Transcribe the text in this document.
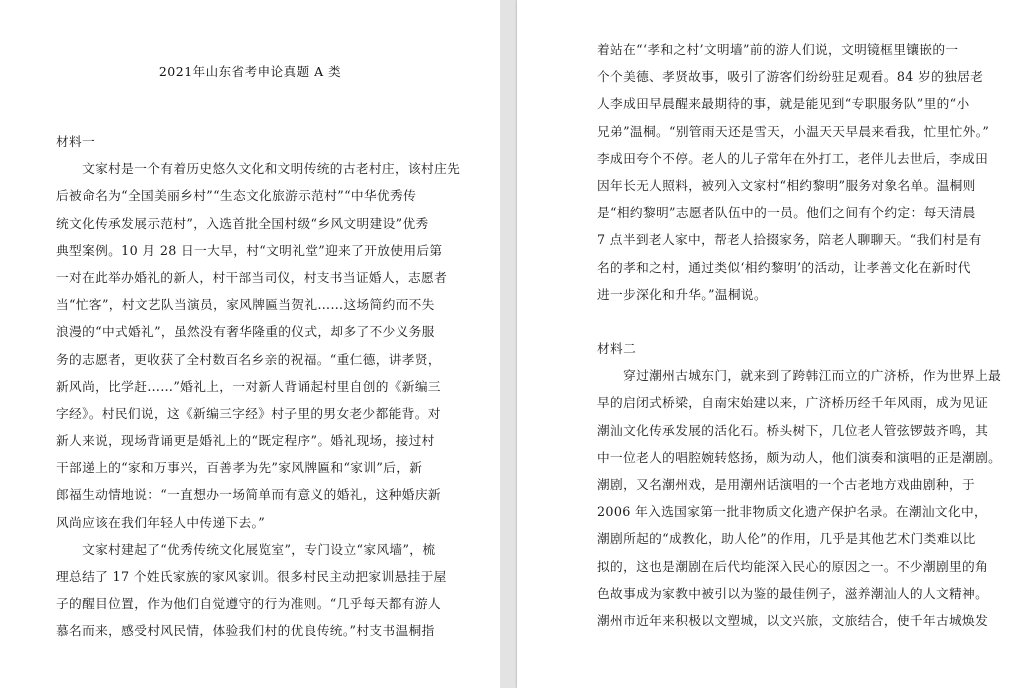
2021年山东省考申论真题 A 类
材料一
　　文家村是一个有着历史悠久文化和文明传统的古老村庄，该村庄先
后被命名为“全国美丽乡村”“生态文化旅游示范村”“中华优秀传
统文化传承发展示范村”，入选首批全国村级“乡风文明建设”优秀
典型案例。10 月 28 日一大早，村“文明礼堂”迎来了开放使用后第
一对在此举办婚礼的新人，村干部当司仪，村支书当证婚人，志愿者
当“忙客”，村文艺队当演员，家风牌匾当贺礼……这场简约而不失
浪漫的“中式婚礼”，虽然没有奢华隆重的仪式，却多了不少义务服
务的志愿者，更收获了全村数百名乡亲的祝福。“重仁德，讲孝贤，
新风尚，比学赶……”婚礼上，一对新人背诵起村里自创的《新编三
字经》。村民们说，这《新编三字经》村子里的男女老少都能背。对
新人来说，现场背诵更是婚礼上的“既定程序”。婚礼现场，接过村
干部递上的“家和万事兴，百善孝为先”家风牌匾和“家训”后，新
郎福生动情地说：“一直想办一场简单而有意义的婚礼，这种婚庆新
风尚应该在我们年轻人中传递下去。”
　　文家村建起了“优秀传统文化展览室”，专门设立“家风墙”，梳
理总结了 17 个姓氏家族的家风家训。很多村民主动把家训悬挂于屋
子的醒目位置，作为他们自觉遵守的行为准则。“几乎每天都有游人
慕名而来，感受村风民情，体验我们村的优良传统。”村支书温桐指
着站在“‘孝和之村’文明墙”前的游人们说，文明镜框里镶嵌的一
个个美德、孝贤故事，吸引了游客们纷纷驻足观看。84 岁的独居老
人李成田早晨醒来最期待的事，就是能见到“专职服务队”里的“小
兄弟”温桐。“别管雨天还是雪天，小温天天早晨来看我，忙里忙外。”
李成田夸个不停。老人的儿子常年在外打工，老伴儿去世后，李成田
因年长无人照料，被列入文家村“相约黎明”服务对象名单。温桐则
是“相约黎明”志愿者队伍中的一员。他们之间有个约定：每天清晨
7 点半到老人家中，帮老人拾掇家务，陪老人聊聊天。“我们村是有
名的孝和之村，通过类似‘相约黎明’的活动，让孝善文化在新时代
进一步深化和升华。”温桐说。
材料二
　　穿过潮州古城东门，就来到了跨韩江而立的广济桥，作为世界上最
早的启闭式桥梁，自南宋始建以来，广济桥历经千年风雨，成为见证
潮汕文化传承发展的活化石。桥头树下，几位老人管弦锣鼓齐鸣，其
中一位老人的唱腔婉转悠扬，颇为动人，他们演奏和演唱的正是潮剧。
潮剧，又名潮州戏，是用潮州话演唱的一个古老地方戏曲剧种，于
2006 年入选国家第一批非物质文化遗产保护名录。在潮汕文化中，
潮剧所起的“成教化，助人伦”的作用，几乎是其他艺术门类难以比
拟的，这也是潮剧在后代均能深入民心的原因之一。不少潮剧里的角
色故事成为家教中被引以为鉴的最佳例子，滋养潮汕人的人文精神。
潮州市近年来积极以文塑城，以文兴旅，文旅结合，使千年古城焕发
